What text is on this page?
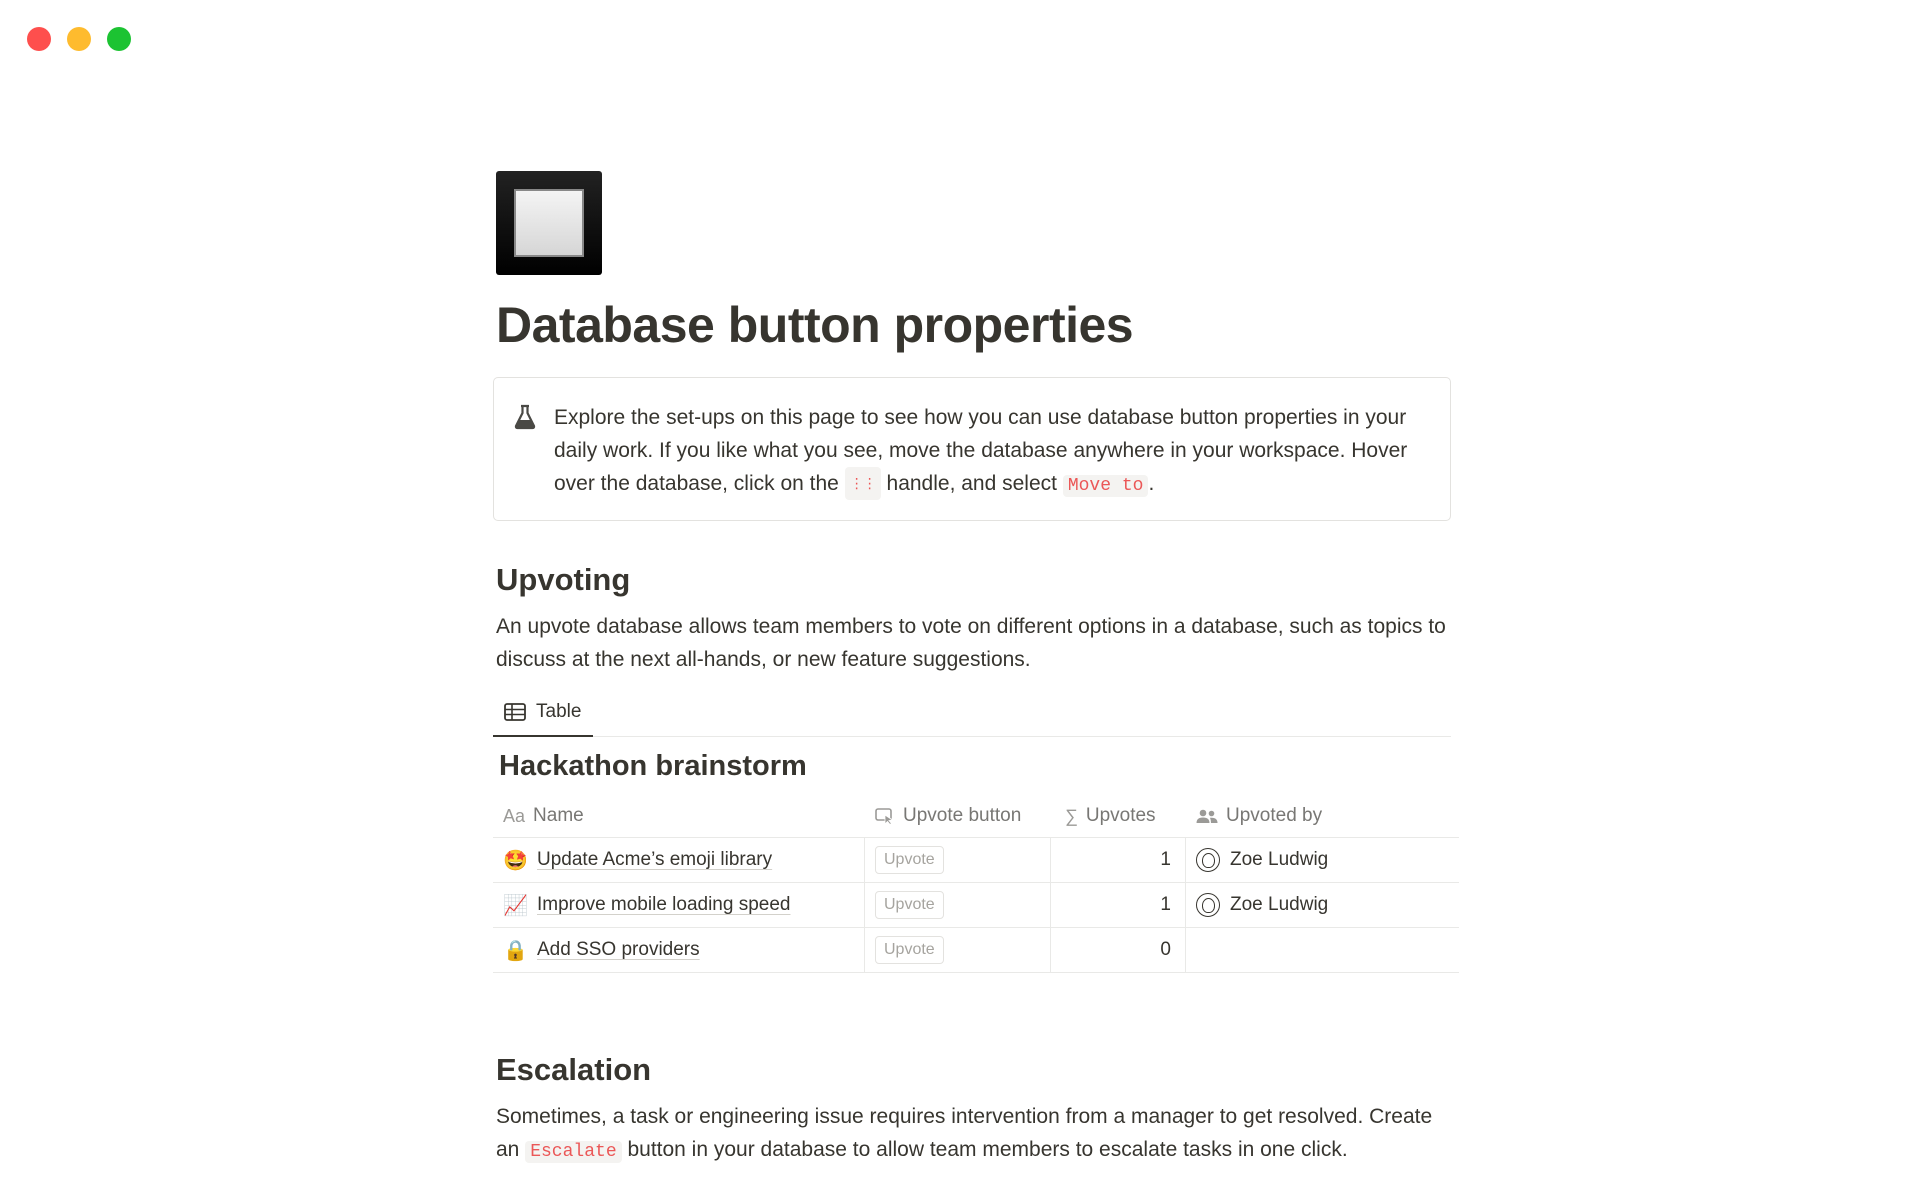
Database button properties
Explore the set-ups on this page to see how you can use database button properties in your daily work. If you like what you see, move the database anywhere in your workspace. Hover over the database, click on the ⋮⋮ handle, and select Move to .
Upvoting

An upvote database allows team members to vote on different options in a database, such as topics to discuss at the next all-hands, or new feature suggestions.

Table
Hackathon brainstorm
Aa Name	Upvote button ∑ Upvotes	Upvoted by
🤩 Update Acme’s emoji library	Upvote	1	Zoe Ludwig
📈 Improve mobile loading speed	Upvote	1	Zoe Ludwig
🔒 Add SSO providers	Upvote	0
Escalation

Sometimes, a task or engineering issue requires intervention from a manager to get resolved. Create an Escalate button in your database to allow team members to escalate tasks in one click.
